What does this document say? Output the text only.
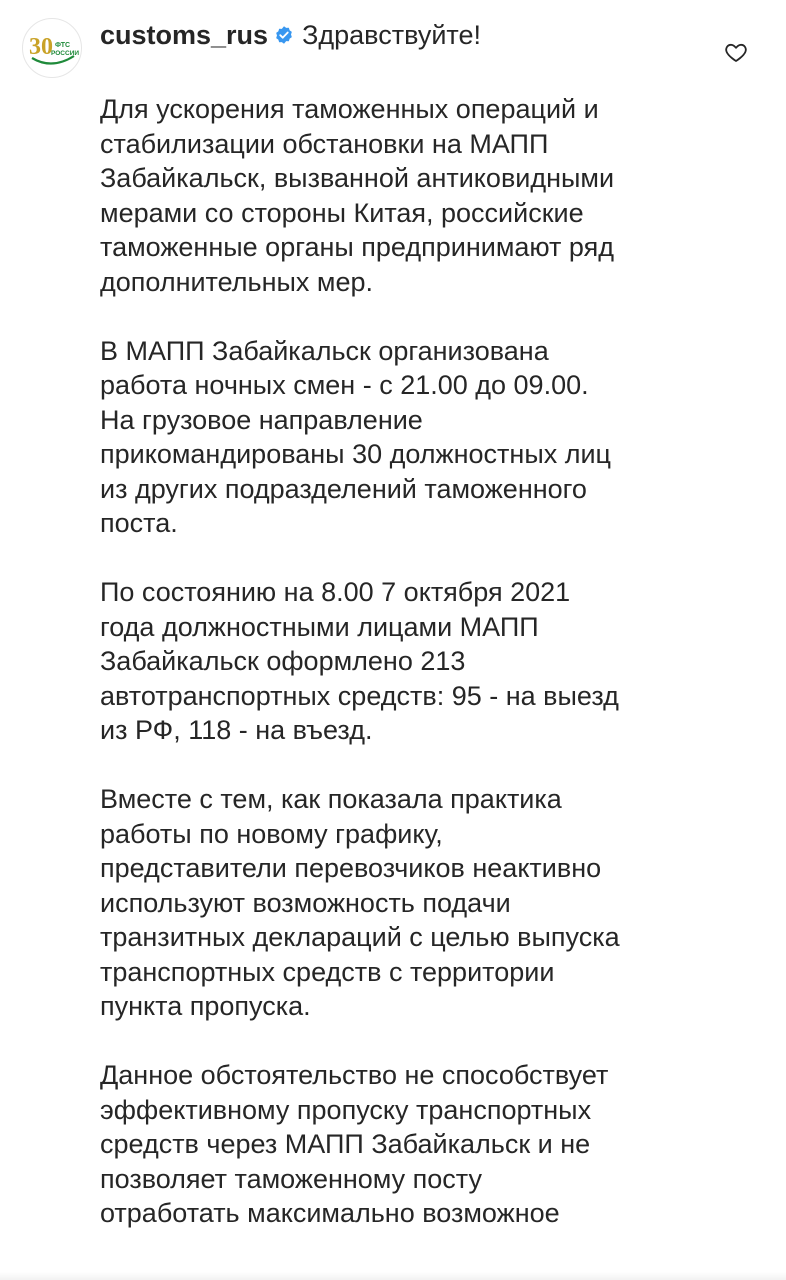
30 ФТС
РОССИИ
customs_rus Здравствуйте!

Для ускорения таможенных операций и
стабилизации обстановки на МАПП
Забайкальск, вызванной антиковидными
мерами со стороны Китая, российские
таможенные органы предпринимают ряд
дополнительных мер.

В МАПП Забайкальск организована
работа ночных смен - с 21.00 до 09.00.
На грузовое направление
прикомандированы 30 должностных лиц
из других подразделений таможенного
поста.

По состоянию на 8.00 7 октября 2021
года должностными лицами МАПП
Забайкальск оформлено 213
автотранспортных средств: 95 - на выезд
из РФ, 118 - на въезд.

Вместе с тем, как показала практика
работы по новому графику,
представители перевозчиков неактивно
используют возможность подачи
транзитных деклараций с целью выпуска
транспортных средств с территории
пункта пропуска.

Данное обстоятельство не способствует
эффективному пропуску транспортных
средств через МАПП Забайкальск и не
позволяет таможенному посту
отработать максимально возможное
